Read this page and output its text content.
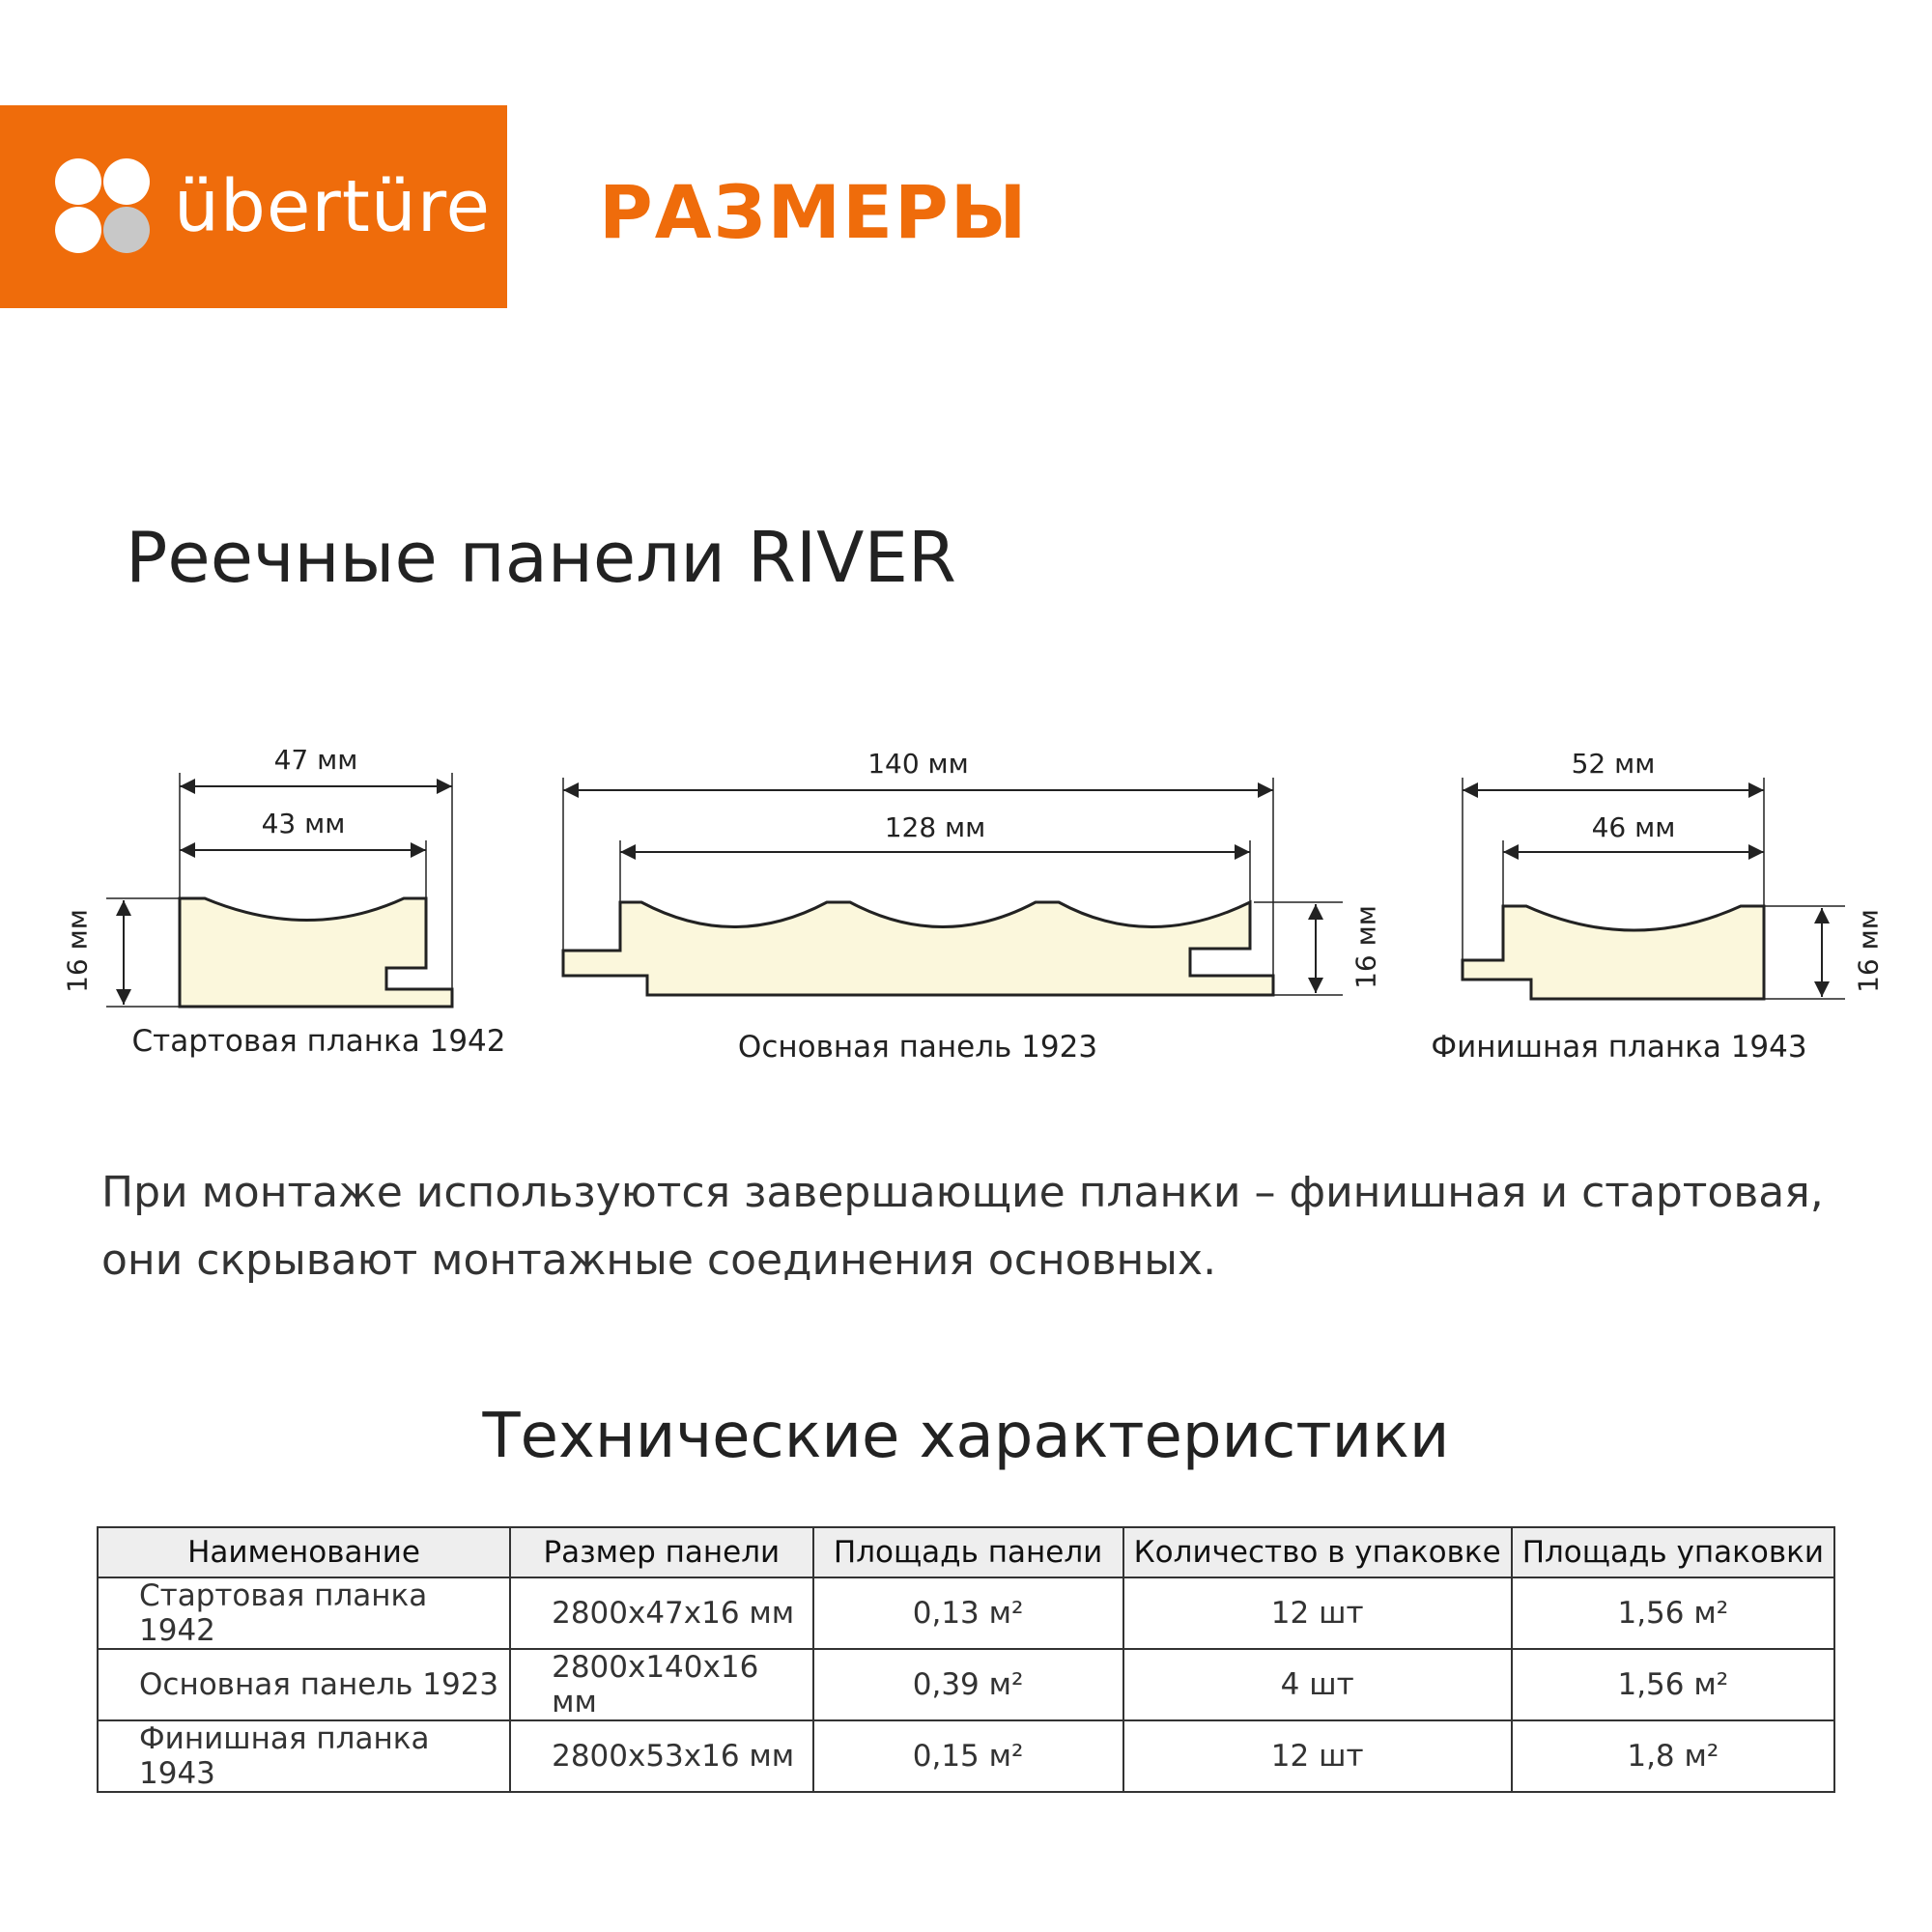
übertüre РАЗМЕРЫ
Реечные панели RIVER
47 мм
43 мм
16 мм
Стартовая планка 1942
140 мм
128 мм
16 мм
Основная панель 1923
52 мм
46 мм
16 мм
Финишная планка 1943
При монтаже используются завершающие планки – финишная и стартовая, они скрывают монтажные соединения основных.
Технические характеристики
Наименование	Размер панели	Площадь панели	Количество в упаковке	Площадь упаковки
Стартовая планка 1942	2800х47х16 мм	0,13 м²	12 шт	1,56 м²
Основная панель 1923	2800х140х16 мм	0,39 м²	4 шт	1,56 м²
Финишная планка 1943	2800х53х16 мм	0,15 м²	12 шт	1,8 м²
